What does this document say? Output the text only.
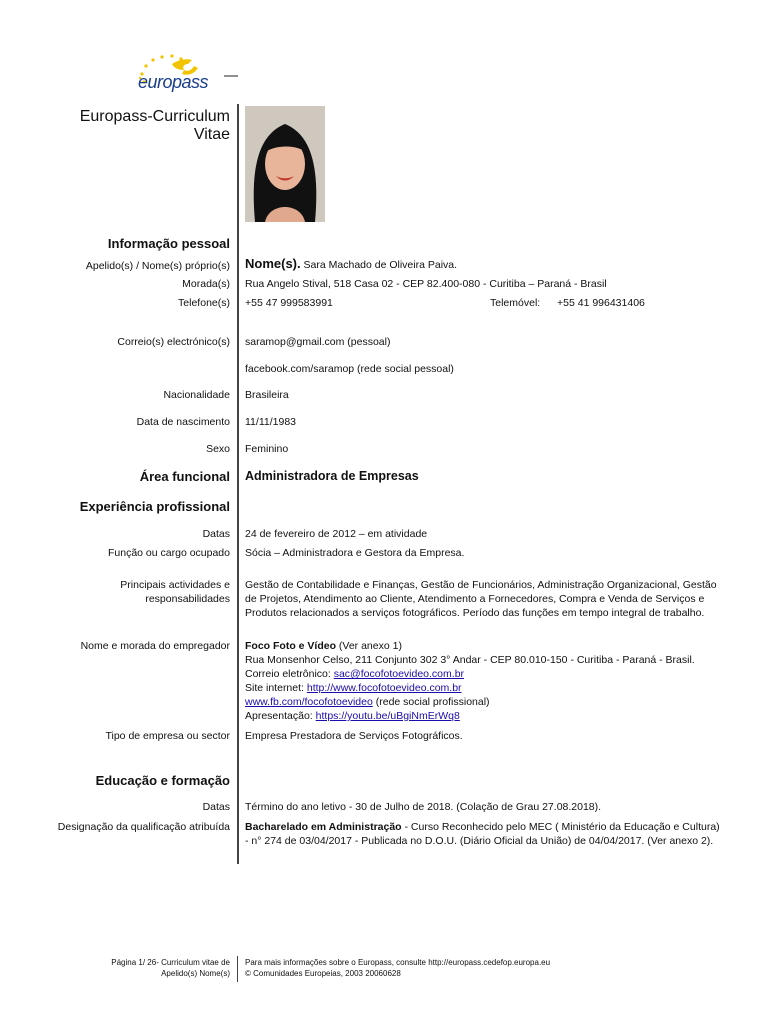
europass
Europass-Curriculum
Vitae
Informação pessoal
Apelido(s) / Nome(s) próprio(s) Nome(s). Sara Machado de Oliveira Paiva.
Morada(s) Rua Angelo Stival, 518 Casa 02 - CEP 82.400-080 - Curitiba – Paraná - Brasil
Telefone(s) +55 47 999583991	Telemóvel: +55 41 996431406
Correio(s) electrónico(s) saramop@gmail.com (pessoal)
facebook.com/saramop (rede social pessoal)
Nacionalidade Brasileira
Data de nascimento 11/11/1983
Sexo Feminino
Área funcional Administradora de Empresas
Experiência profissional
Datas 24 de fevereiro de 2012 – em atividade
Função ou cargo ocupado Sócia – Administradora e Gestora da Empresa.
Principais actividades e
responsabilidades
Gestão de Contabilidade e Finanças, Gestão de Funcionários, Administração Organizacional, Gestão
de Projetos, Atendimento ao Cliente, Atendimento a Fornecedores, Compra e Venda de Serviços e
Produtos relacionados a serviços fotográficos. Período das funções em tempo integral de trabalho.
Nome e morada do empregador Foco Foto e Vídeo (Ver anexo 1)
Rua Monsenhor Celso, 211 Conjunto 302 3° Andar - CEP 80.010-150 - Curitiba - Paraná - Brasil.
Correio eletrônico: sac@focofotoevideo.com.br
Site internet: http://www.focofotoevideo.com.br
www.fb.com/focofotoevideo (rede social profissional)
Apresentação: https://youtu.be/uBgiNmErWq8
Tipo de empresa ou sector Empresa Prestadora de Serviços Fotográficos.
Educação e formação
Datas Término do ano letivo - 30 de Julho de 2018. (Colação de Grau 27.08.2018).
Designação da qualificação atribuída Bacharelado em Administração - Curso Reconhecido pelo MEC ( Ministério da Educação e Cultura)
- n° 274 de 03/04/2017 - Publicada no D.O.U. (Diário Oficial da União) de 04/04/2017. (Ver anexo 2).
Página 1/ 26- Curriculum vitae de
Apelido(s) Nome(s)
Para mais informações sobre o Europass, consulte http://europass.cedefop.europa.eu
© Comunidades Europeias, 2003 20060628
